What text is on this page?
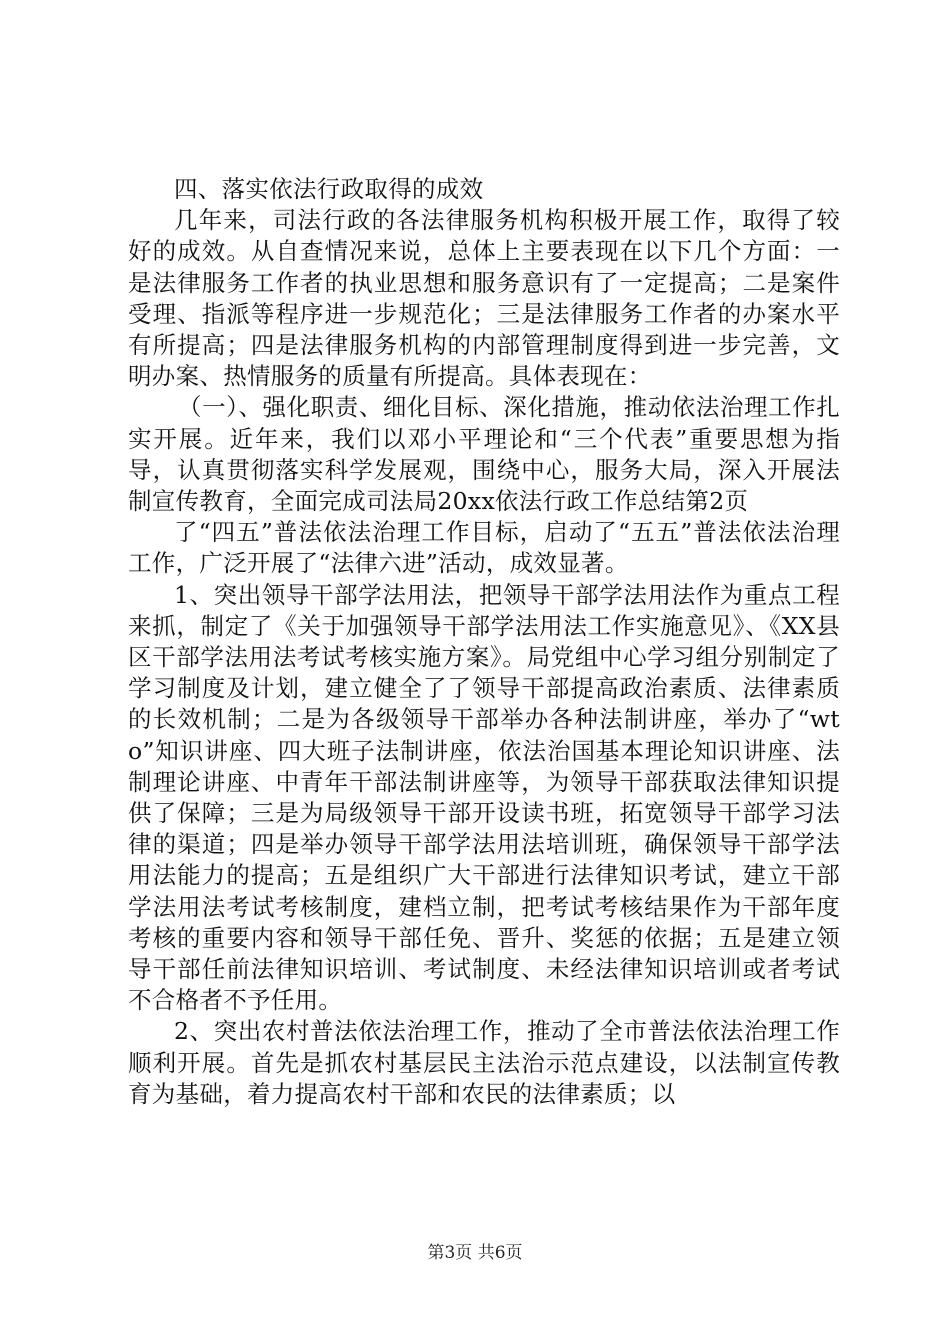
四、落实依法行政取得的成效

几年来，司法行政的各法律服务机构积极开展工作，取得了较好的成效。从自查情况来说，总体上主要表现在以下几个方面：一是法律服务工作者的执业思想和服务意识有了一定提高；二是案件受理、指派等程序进一步规范化；三是法律服务工作者的办案水平有所提高；四是法律服务机构的内部管理制度得到进一步完善，文明办案、热情服务的质量有所提高。具体表现在：

（一）、强化职责、细化目标、深化措施，推动依法治理工作扎实开展。近年来，我们以邓小平理论和“三个代表”重要思想为指导，认真贯彻落实科学发展观，围绕中心，服务大局，深入开展法制宣传教育，全面完成司法局20xx依法行政工作总结第2页

了“四五”普法依法治理工作目标，启动了“五五”普法依法治理工作，广泛开展了“法律六进”活动，成效显著。

1、突出领导干部学法用法，把领导干部学法用法作为重点工程来抓，制定了《关于加强领导干部学法用法工作实施意见》、《XX县区干部学法用法考试考核实施方案》。局党组中心学习组分别制定了学习制度及计划，建立健全了了领导干部提高政治素质、法律素质的长效机制；二是为各级领导干部举办各种法制讲座，举办了“wto”知识讲座、四大班子法制讲座，依法治国基本理论知识讲座、法制理论讲座、中青年干部法制讲座等，为领导干部获取法律知识提供了保障；三是为局级领导干部开设读书班，拓宽领导干部学习法律的渠道；四是举办领导干部学法用法培训班，确保领导干部学法用法能力的提高；五是组织广大干部进行法律知识考试，建立干部学法用法考试考核制度，建档立制，把考试考核结果作为干部年度考核的重要内容和领导干部任免、晋升、奖惩的依据；五是建立领导干部任前法律知识培训、考试制度、未经法律知识培训或者考试不合格者不予任用。

2、突出农村普法依法治理工作，推动了全市普法依法治理工作顺利开展。首先是抓农村基层民主法治示范点建设，以法制宣传教育为基础，着力提高农村干部和农民的法律素质；以

第3页 共6页
